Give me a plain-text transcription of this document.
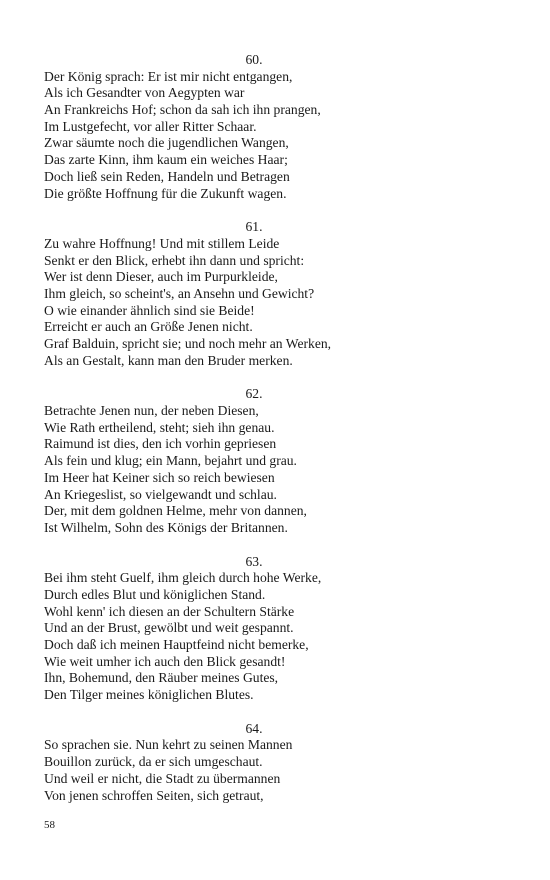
60.
Der König sprach: Er ist mir nicht entgangen,
Als ich Gesandter von Aegypten war
An Frankreichs Hof; schon da sah ich ihn prangen,
Im Lustgefecht, vor aller Ritter Schaar.
Zwar säumte noch die jugendlichen Wangen,
Das zarte Kinn, ihm kaum ein weiches Haar;
Doch ließ sein Reden, Handeln und Betragen
Die größte Hoffnung für die Zukunft wagen.
61.
Zu wahre Hoffnung! Und mit stillem Leide
Senkt er den Blick, erhebt ihn dann und spricht:
Wer ist denn Dieser, auch im Purpurkleide,
Ihm gleich, so scheint's, an Ansehn und Gewicht?
O wie einander ähnlich sind sie Beide!
Erreicht er auch an Größe Jenen nicht.
Graf Balduin, spricht sie; und noch mehr an Werken,
Als an Gestalt, kann man den Bruder merken.
62.
Betrachte Jenen nun, der neben Diesen,
Wie Rath ertheilend, steht; sieh ihn genau.
Raimund ist dies, den ich vorhin gepriesen
Als fein und klug; ein Mann, bejahrt und grau.
Im Heer hat Keiner sich so reich bewiesen
An Kriegeslist, so vielgewandt und schlau.
Der, mit dem goldnen Helme, mehr von dannen,
Ist Wilhelm, Sohn des Königs der Britannen.
63.
Bei ihm steht Guelf, ihm gleich durch hohe Werke,
Durch edles Blut und königlichen Stand.
Wohl kenn' ich diesen an der Schultern Stärke
Und an der Brust, gewölbt und weit gespannt.
Doch daß ich meinen Hauptfeind nicht bemerke,
Wie weit umher ich auch den Blick gesandt!
Ihn, Bohemund, den Räuber meines Gutes,
Den Tilger meines königlichen Blutes.
64.
So sprachen sie. Nun kehrt zu seinen Mannen
Bouillon zurück, da er sich umgeschaut.
Und weil er nicht, die Stadt zu übermannen
Von jenen schroffen Seiten, sich getraut,
58
